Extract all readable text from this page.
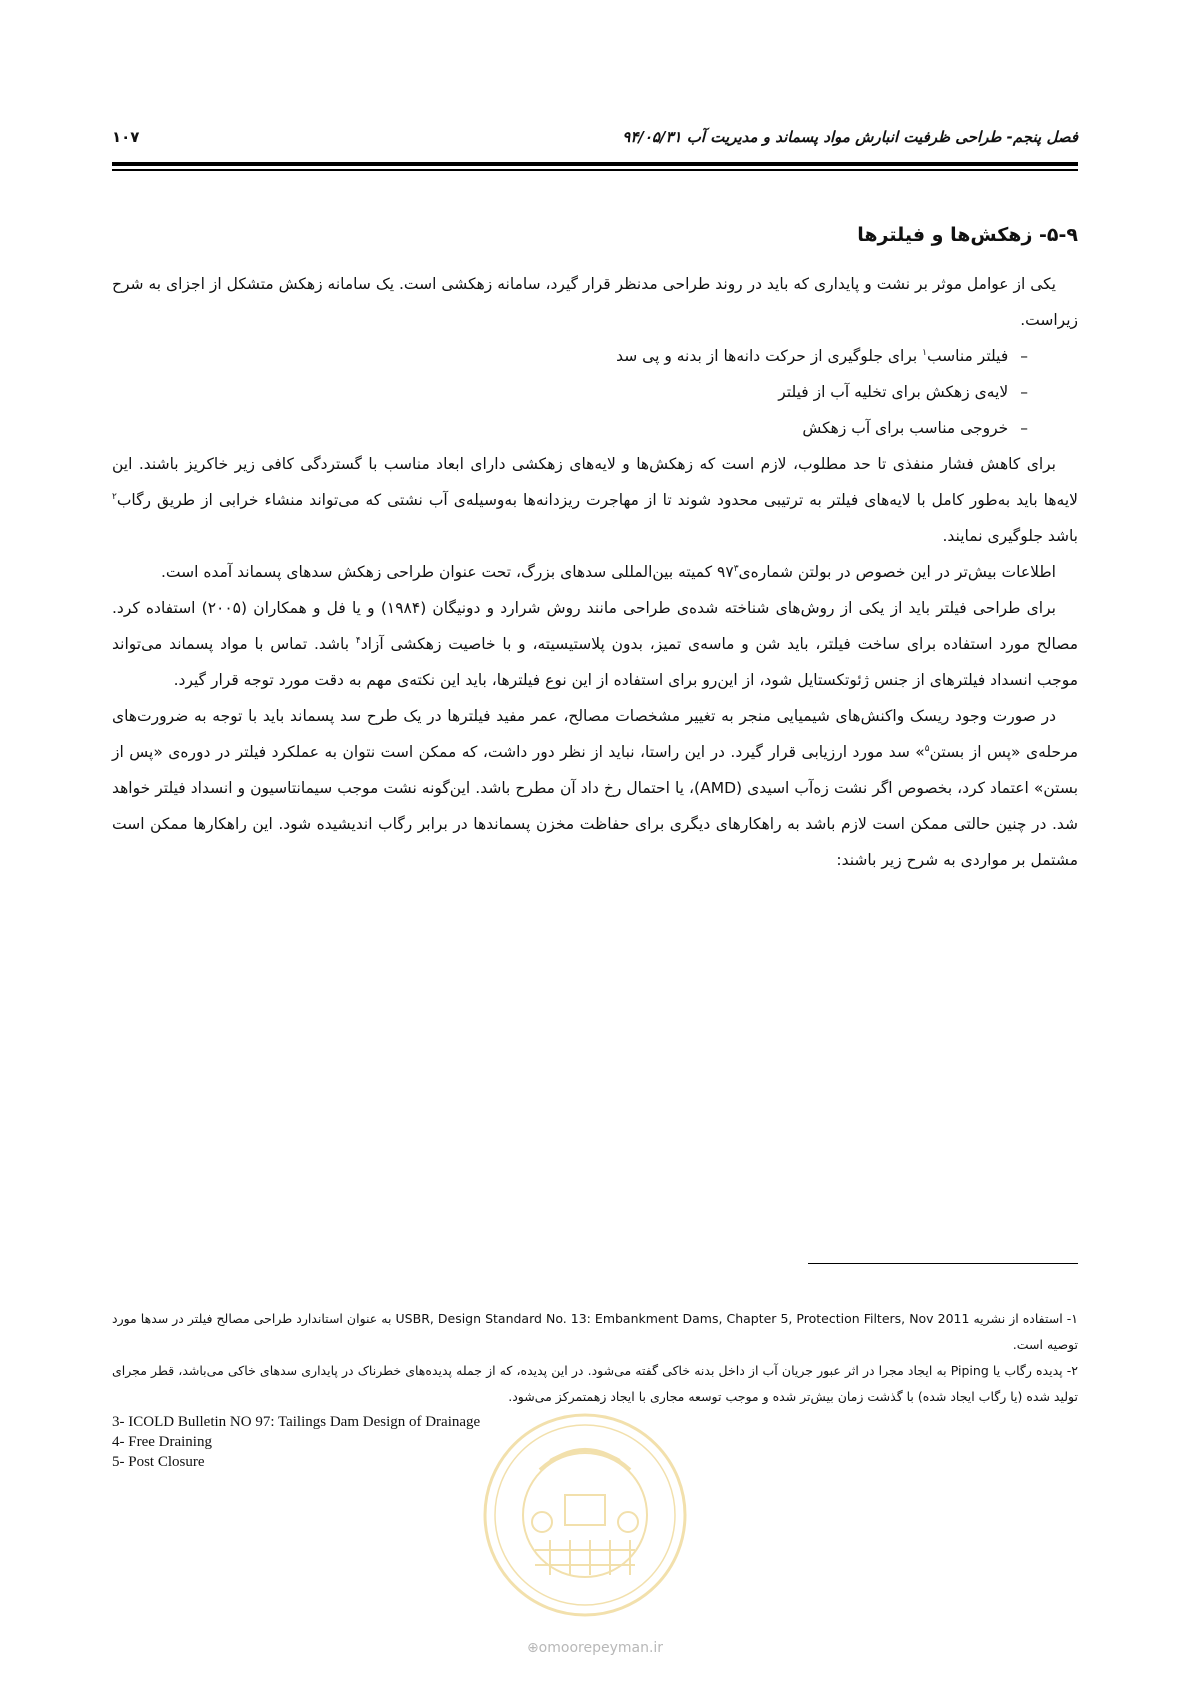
فصل پنجم- طراحی ظرفیت انبارش مواد پسماند و مدیریت آب ۹۴/۰۵/۳۱
۱۰۷
۵-۹- زهکش‌ها و فیلترها

یکی از عوامل موثر بر نشت و پایداری که باید در روند طراحی مدنظر قرار گیرد، سامانه زهکشی است. یک سامانه زهکش متشکل از اجزای به شرح زیراست.

–فیلتر مناسب$^۱$ برای جلوگیری از حرکت دانه‌ها از بدنه و پی سد
–لایه‌ی زهکش برای تخلیه آب از فیلتر
–خروجی مناسب برای آب زهکش

برای کاهش فشار منفذی تا حد مطلوب، لازم است که زهکش‌ها و لایه‌های زهکشی دارای ابعاد مناسب با گستردگی کافی زیر خاکریز باشند. این لایه‌ها باید به‌طور کامل با لایه‌های فیلتر به ترتیبی محدود شوند تا از مهاجرت ریزدانه‌ها به‌وسیله‌ی آب نشتی که می‌تواند منشاء خرابی از طریق رگاب$^۲$ باشد جلوگیری نمایند.

اطلاعات بیش‌تر در این خصوص در بولتن $شماره‌ی۹۷^۳$ کمیته بین‌المللی سدهای بزرگ، تحت عنوان طراحی زهکش سدهای پسماند آمده است.

برای طراحی فیلتر باید از یکی از روش‌های شناخته شده‌ی طراحی مانند روش شرارد و دونیگان (۱۹۸۴) و یا فل و همکاران (۲۰۰۵) استفاده کرد. مصالح مورد استفاده برای ساخت فیلتر، باید شن و ماسه‌ی تمیز، بدون پلاستیسیته، و با خاصیت زهکشی آزاد$^۴$ باشد. تماس با مواد پسماند می‌تواند موجب انسداد فیلترهای از جنس ژئوتکستایل شود، از این‌رو برای استفاده از این نوع فیلترها، باید این نکته‌ی مهم به دقت مورد توجه قرار گیرد.

در صورت وجود ریسک واکنش‌های شیمیایی منجر به تغییر مشخصات مصالح، عمر مفید فیلترها در یک طرح سد پسماند باید با توجه به ضرورت‌های مرحله‌ی «پس از بستن$^۵$» سد مورد ارزیابی قرار گیرد. در این راستا، نباید از نظر دور داشت، که ممکن است نتوان به عملکرد فیلتر در دوره‌ی «پس از بستن» اعتماد کرد، بخصوص اگر نشت زه‌آب اسیدی (AMD)، یا احتمال رخ داد آن مطرح باشد. این‌گونه نشت موجب سیمانتاسیون و انسداد فیلتر خواهد شد. در چنین حالتی ممکن است لازم باشد به راهکارهای دیگری برای حفاظت مخزن پسماندها در برابر رگاب اندیشیده شود. این راهکارها ممکن است مشتمل بر مواردی به شرح زیر باشند:

۱- استفاده از نشریه USBR, Design Standard No. 13: Embankment Dams, Chapter 5, Protection Filters, Nov 2011 به عنوان استاندارد طراحی مصالح فیلتر در سدها مورد توصیه است.

۲- پدیده رگاب یا Piping به ایجاد مجرا در اثر عبور جریان آب از داخل بدنه خاکی گفته می‌شود. در این پدیده، که از جمله پدیده‌های خطرناک در پایداری سدهای خاکی می‌باشد، قطر مجرای تولید شده (یا رگاب ایجاد شده) با گذشت زمان بیش‌تر شده و موجب توسعه مجاری با ایجاد زهمتمرکز می‌شود.

3- ICOLD Bulletin NO 97: Tailings Dam Design of Drainage

4- Free Draining

5- Post Closure

⊕omoorepeyman.ir
